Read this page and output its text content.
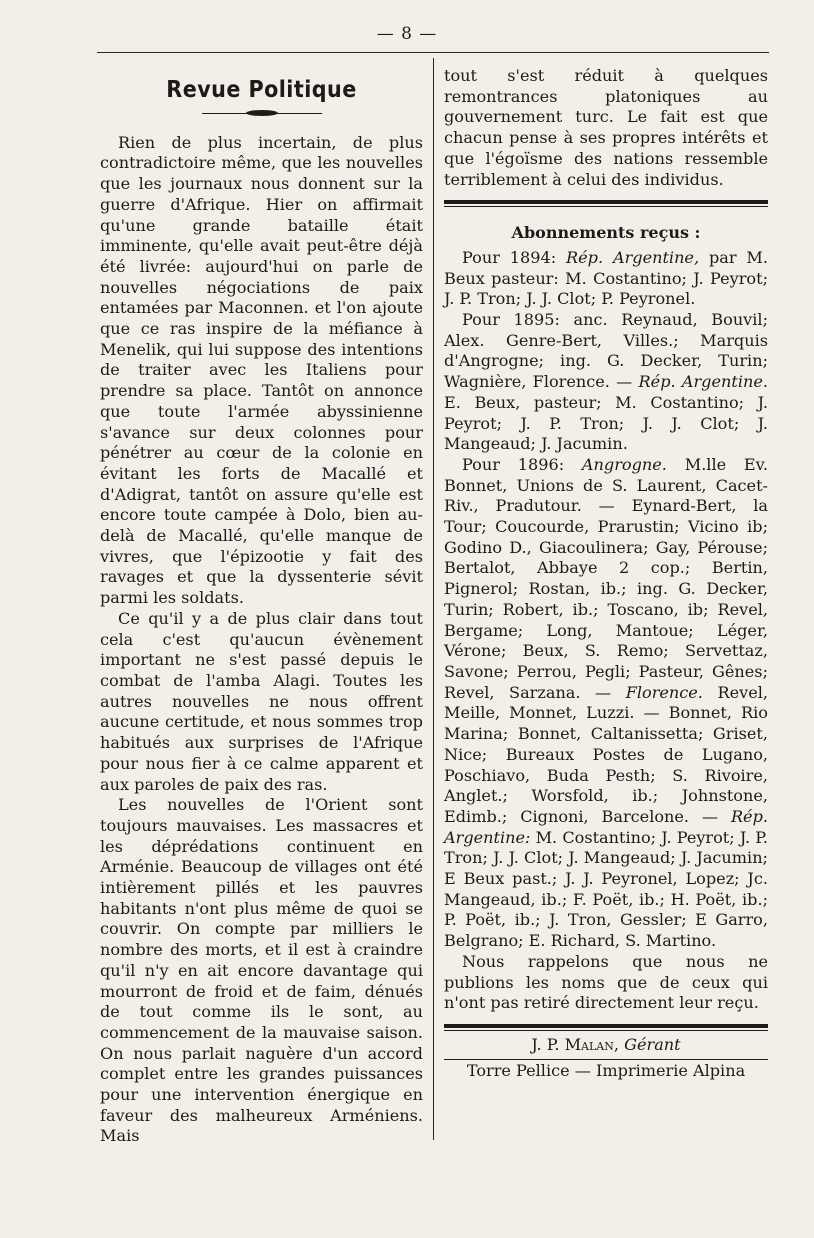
— 8 —
Revue Politique

Rien de plus incertain, de plus contradictoire même, que les nouvelles que les journaux nous donnent sur la guerre d'Afrique. Hier on affirmait qu'une grande bataille était imminente, qu'elle avait peut-être déjà été livrée: aujourd'hui on parle de nouvelles négociations de paix entamées par Maconnen. et l'on ajoute que ce ras inspire de la méfiance à Menelik, qui lui suppose des intentions de traiter avec les Italiens pour prendre sa place. Tantôt on annonce que toute l'armée abyssinienne s'avance sur deux colonnes pour pénétrer au cœur de la colonie en évitant les forts de Macallé et d'Adigrat, tantôt on assure qu'elle est encore toute campée à Dolo, bien au-delà de Macallé, qu'elle manque de vivres, que l'épizootie y fait des ravages et que la dyssenterie sévit parmi les soldats.

Ce qu'il y a de plus clair dans tout cela c'est qu'aucun évènement important ne s'est passé depuis le combat de l'amba Alagi. Toutes les autres nouvelles ne nous offrent aucune certitude, et nous sommes trop habitués aux surprises de l'Afrique pour nous fier à ce calme apparent et aux paroles de paix des ras.

Les nouvelles de l'Orient sont toujours mauvaises. Les massacres et les déprédations continuent en Arménie. Beaucoup de villages ont été intièrement pillés et les pauvres habitants n'ont plus même de quoi se couvrir. On compte par milliers le nombre des morts, et il est à craindre qu'il n'y en ait encore davantage qui mourront de froid et de faim, dénués de tout comme ils le sont, au commencement de la mauvaise saison. On nous parlait naguère d'un accord complet entre les grandes puissances pour une intervention énergique en faveur des malheureux Arméniens. Mais

tout s'est réduit à quelques remontrances platoniques au gouvernement turc. Le fait est que chacun pense à ses propres intérêts et que l'égoïsme des nations ressemble terriblement à celui des individus.

Abonnements reçus :

Pour 1894: Rép. Argentine, par M. Beux pasteur: M. Costantino; J. Peyrot; J. P. Tron; J. J. Clot; P. Peyronel.

Pour 1895: anc. Reynaud, Bouvil; Alex. Genre-Bert, Villes.; Marquis d'Angrogne; ing. G. Decker, Turin; Wagnière, Florence. — Rép. Argentine. E. Beux, pasteur; M. Costantino; J. Peyrot; J. P. Tron; J. J. Clot; J. Mangeaud; J. Jacumin.

Pour 1896: Angrogne. M.lle Ev. Bonnet, Unions de S. Laurent, Cacet-Riv., Pradutour. — Eynard-Bert, la Tour; Coucourde, Prarustin; Vicino ib; Godino D., Giacoulinera; Gay, Pérouse; Bertalot, Abbaye 2 cop.; Bertin, Pignerol; Rostan, ib.; ing. G. Decker, Turin; Robert, ib.; Toscano, ib; Revel, Bergame; Long, Mantoue; Léger, Vérone; Beux, S. Remo; Servettaz, Savone; Perrou, Pegli; Pasteur, Gênes; Revel, Sarzana. — Florence. Revel, Meille, Monnet, Luzzi. — Bonnet, Rio Marina; Bonnet, Caltanissetta; Griset, Nice; Bureaux Postes de Lugano, Poschiavo, Buda Pesth; S. Rivoire, Anglet.; Worsfold, ib.; Johnstone, Edimb.; Cignoni, Barcelone. — Rép. Argentine: M. Costantino; J. Peyrot; J. P. Tron; J. J. Clot; J. Mangeaud; J. Jacumin; E Beux past.; J. J. Peyronel, Lopez; Jc. Mangeaud, ib.; F. Poët, ib.; H. Poët, ib.; P. Poët, ib.; J. Tron, Gessler; E Garro, Belgrano; E. Richard, S. Martino.

Nous rappelons que nous ne publions les noms que de ceux qui n'ont pas retiré directement leur reçu.

J. P. Malan, Gérant
Torre Pellice — Imprimerie Alpina
